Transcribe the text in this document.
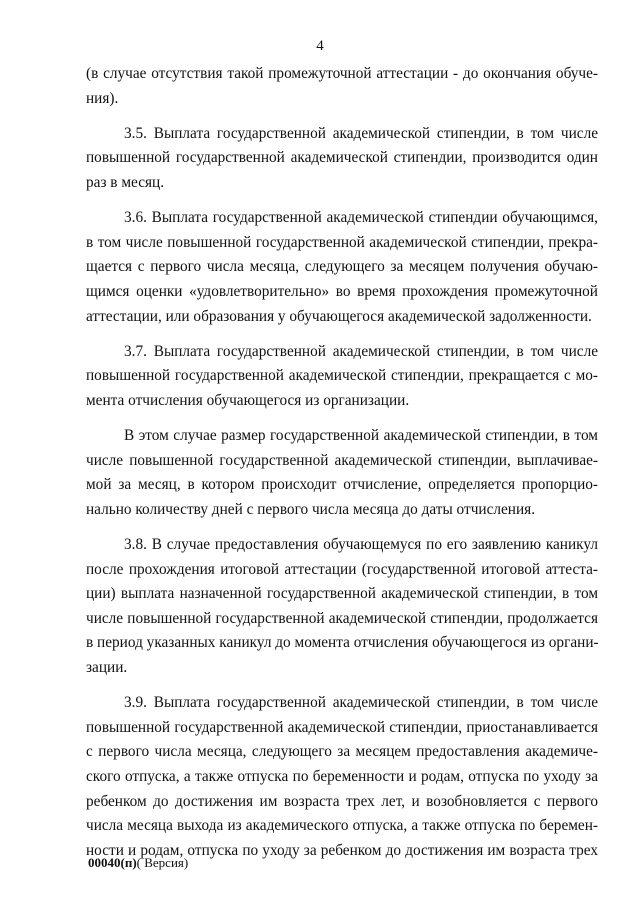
4
(в случае отсутствия такой промежуточной аттестации - до окончания обуче-
ния).
3.5. Выплата государственной академической стипендии, в том числе
повышенной государственной академической стипендии, производится один
раз в месяц.
3.6. Выплата государственной академической стипендии обучающимся,
в том числе повышенной государственной академической стипендии, прекра-
щается с первого числа месяца, следующего за месяцем получения обучаю-
щимся оценки «удовлетворительно» во время прохождения промежуточной
аттестации, или образования у обучающегося академической задолженности.
3.7. Выплата государственной академической стипендии, в том числе
повышенной государственной академической стипендии, прекращается с мо-
мента отчисления обучающегося из организации.
В этом случае размер государственной академической стипендии, в том
числе повышенной государственной академической стипендии, выплачивае-
мой за месяц, в котором происходит отчисление, определяется пропорцио-
нально количеству дней с первого числа месяца до даты отчисления.
3.8. В случае предоставления обучающемуся по его заявлению каникул
после прохождения итоговой аттестации (государственной итоговой аттеста-
ции) выплата назначенной государственной академической стипендии, в том
числе повышенной государственной академической стипендии, продолжается
в период указанных каникул до момента отчисления обучающегося из органи-
зации.
3.9. Выплата государственной академической стипендии, в том числе
повышенной государственной академической стипендии, приостанавливается
с первого числа месяца, следующего за месяцем предоставления академиче-
ского отпуска, а также отпуска по беременности и родам, отпуска по уходу за
ребенком до достижения им возраста трех лет, и возобновляется с первого
числа месяца выхода из академического отпуска, а также отпуска по беремен-
ности и родам, отпуска по уходу за ребенком до достижения им возраста трех
00040(п)( Версия)
